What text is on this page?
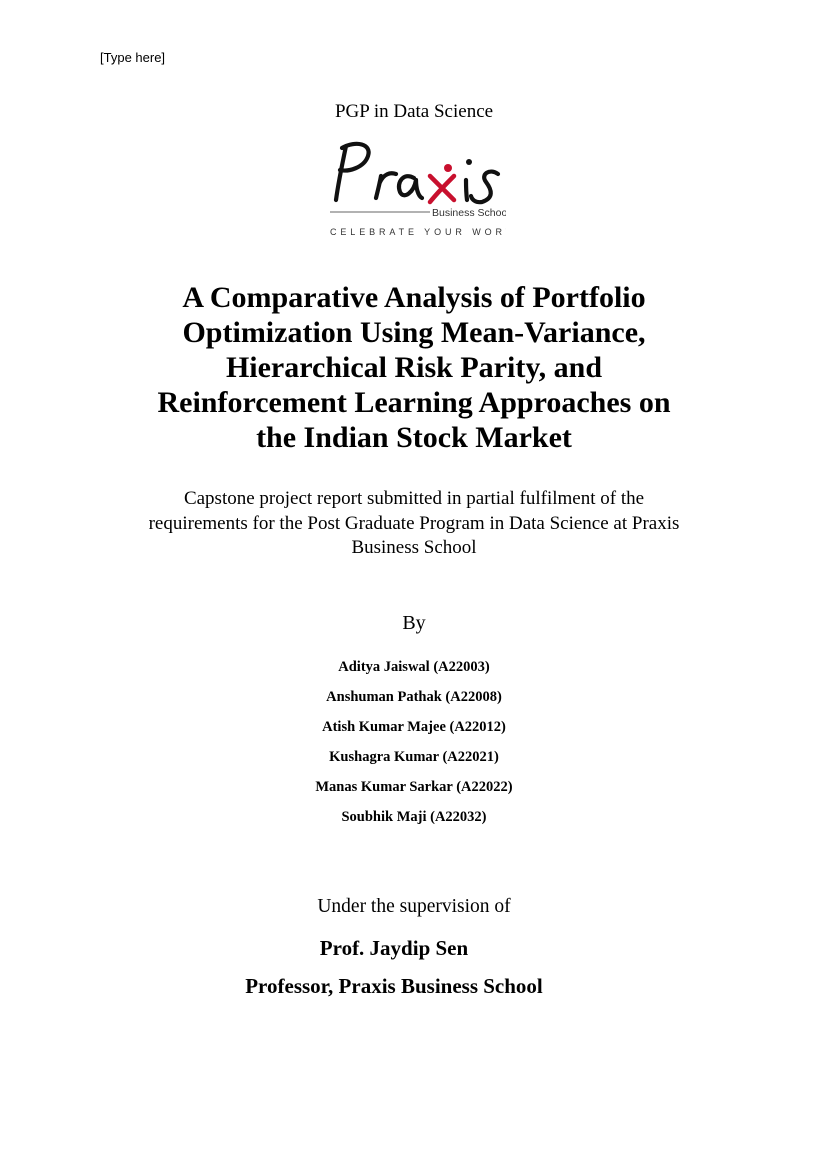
[Type here]
PGP in Data Science
Business School
CELEBRATE YOUR WORTH
A Comparative Analysis of Portfolio
Optimization Using Mean-Variance,
Hierarchical Risk Parity, and
Reinforcement Learning Approaches on
the Indian Stock Market
Capstone project report submitted in partial fulfilment of the
requirements for the Post Graduate Program in Data Science at Praxis
Business School
By
Aditya Jaiswal (A22003)
Anshuman Pathak (A22008)
Atish Kumar Majee (A22012)
Kushagra Kumar (A22021)
Manas Kumar Sarkar (A22022)
Soubhik Maji (A22032)
Under the supervision of
Prof. Jaydip Sen
Professor, Praxis Business School
